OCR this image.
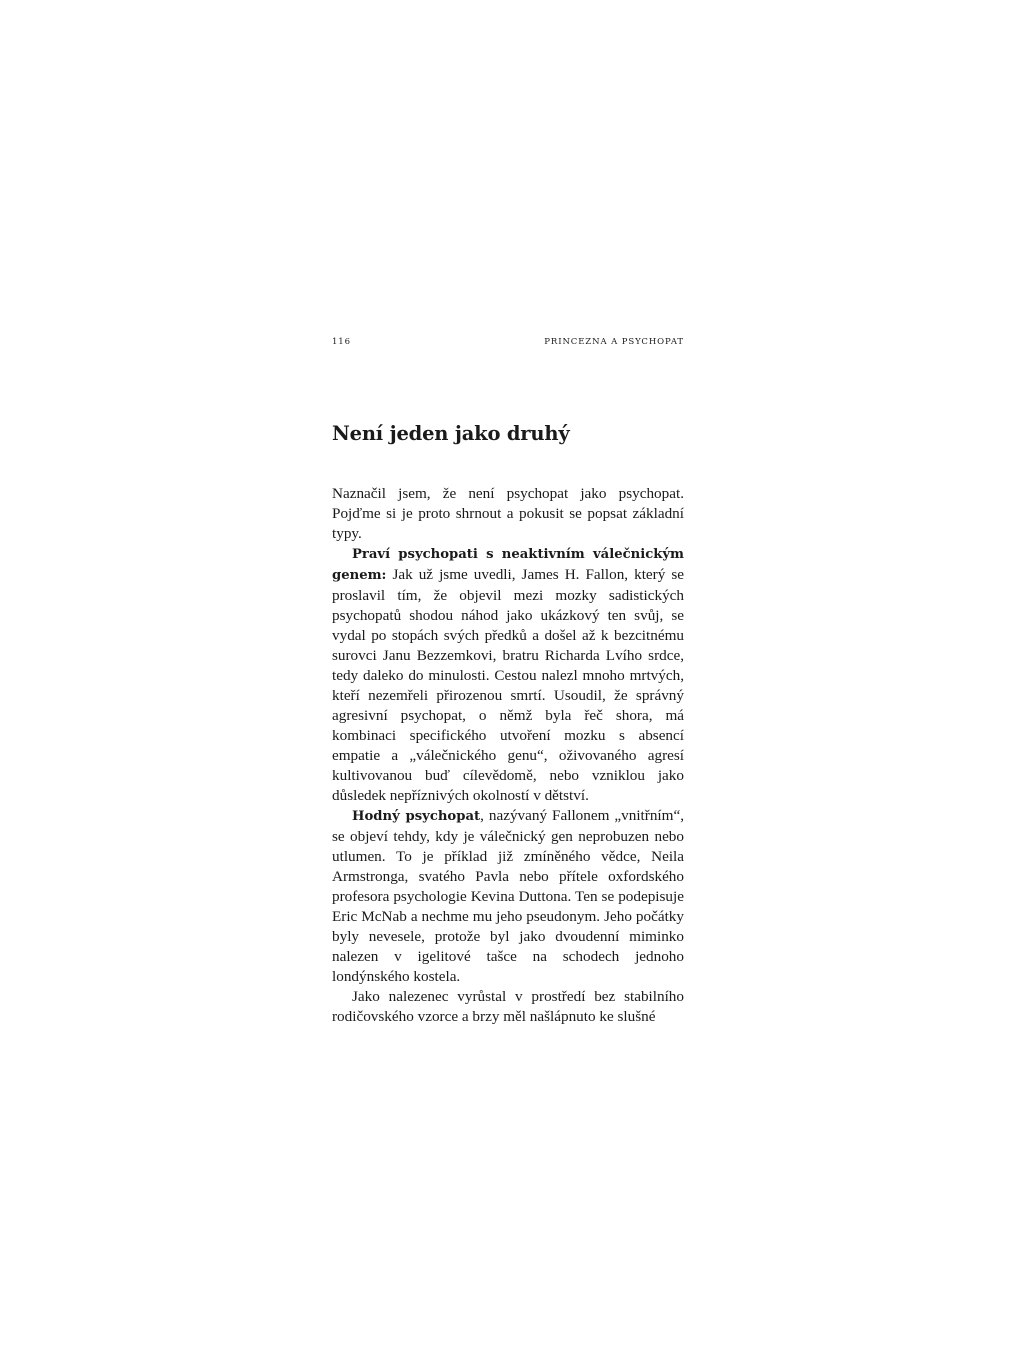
116	PRINCEZNA A PSYCHOPAT
Není jeden jako druhý

Naznačil jsem, že není psychopat jako psychopat. Pojďme si je proto shrnout a pokusit se popsat základní typy.

Praví psychopati s neaktivním válečnickým genem: Jak už jsme uvedli, James H. Fallon, který se proslavil tím, že objevil mezi mozky sadistických psychopatů shodou náhod jako ukázkový ten svůj, se vydal po stopách svých předků a došel až k bezcitnému surovci Janu Bezzemkovi, bratru Richarda Lvího srdce, tedy daleko do minulosti. Cestou nalezl mnoho mrtvých, kteří nezemřeli přirozenou smrtí. Usoudil, že správný agresivní psychopat, o němž byla řeč shora, má kombinaci specifického utvoření mozku s absencí empatie a „válečnického genu“, oživovaného agresí kultivovanou buď cílevědomě, nebo vzniklou jako důsledek nepříznivých okolností v dětství.

Hodný psychopat, nazývaný Fallonem „vnitřním“, se objeví tehdy, kdy je válečnický gen neprobuzen nebo utlumen. To je příklad již zmíněného vědce, Neila Armstronga, svatého Pavla nebo přítele oxfordského profesora psychologie Kevina Duttona. Ten se podepisuje Eric McNab a nechme mu jeho pseudonym. Jeho počátky byly nevesele, protože byl jako dvoudenní miminko nalezen v igelitové tašce na schodech jednoho londýnského kostela.

Jako nalezenec vyrůstal v prostředí bez stabilního rodičovského vzorce a brzy měl našlápnuto ke slušné
